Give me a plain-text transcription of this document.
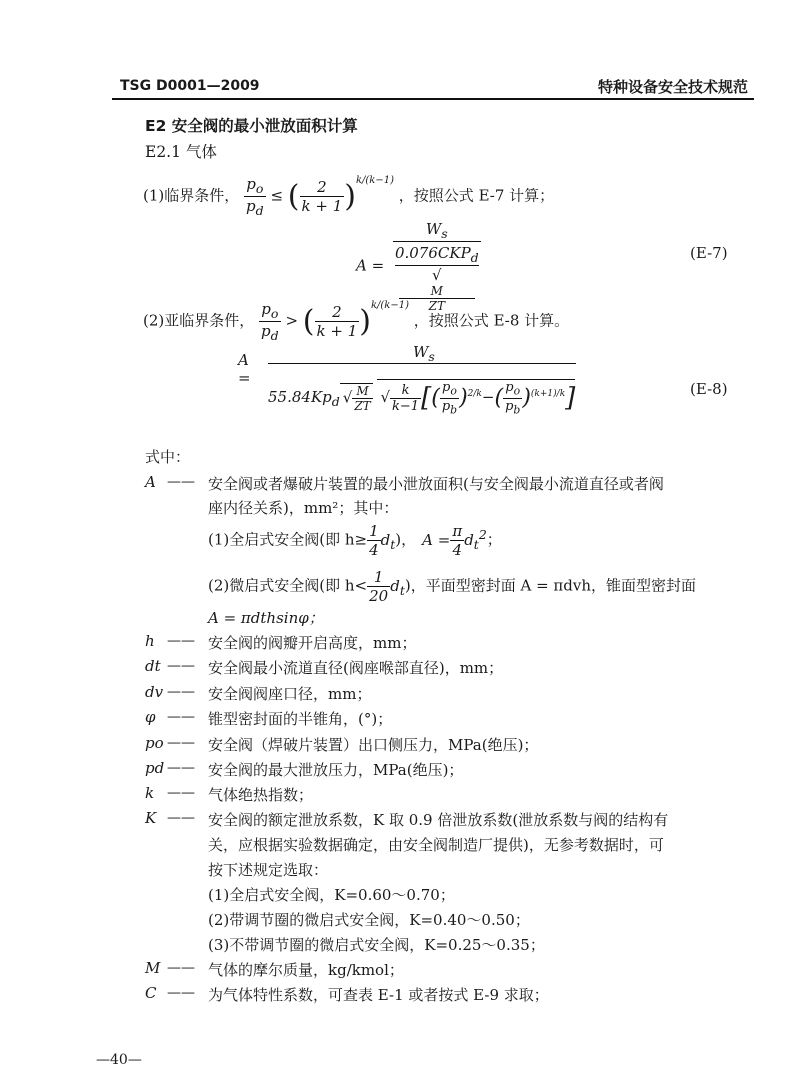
TSG D0001—2009	特种设备安全技术规范
E2 安全阀的最小泄放面积计算
E2.1 气体
(1)临界条件， $\frac{p_o}{p_d}$ ≤ ( $\frac{2}{k + 1} )^{k/(k-1)}$ ，按照公式 E-7 计算；
$A = W_s$
$0.076CKP_d$
√
M
ZT	(E-7)
(2)亚临界条件， $\frac{p_o}{p_d}$ > ( $\frac{2}{k + 1} )^{k/(k-1)}$ ，按照公式 E-8 计算。
A =
$W_s$
$55.84Kp_d$ √ $\frac{M}{ZT}$ √ $\frac{k}{k-1}$ [( $\frac{p_o}{p_b} )^{2/k}-( \frac{p_o}{p_b} )^{(k+1)/k}$]	(E-8)
式中：
A —— 安全阀或者爆破片装置的最小泄放面积(与安全阀最小流道直径或者阀
座内径关系)，mm²；其中：
(1)全启式安全阀(即 $h\ge \frac{1}{4} d_t$)， $A = \frac{\pi}{4} d_t^2$；
(2)微启式安全阀(即 $h< \frac{1}{20} d_t$)，平面型密封面 A = πdvh，锥面型密封面
A = πdthsinφ；
h —— 安全阀的阀瓣开启高度，mm；
dt —— 安全阀最小流道直径(阀座喉部直径)，mm；
dv —— 安全阀阀座口径，mm；
φ —— 锥型密封面的半锥角，(°)；
po —— 安全阀（焊破片装置）出口侧压力，MPa(绝压)；
pd —— 安全阀的最大泄放压力，MPa(绝压)；
k —— 气体绝热指数；
K —— 安全阀的额定泄放系数，K 取 0.9 倍泄放系数(泄放系数与阀的结构有
关，应根据实验数据确定，由安全阀制造厂提供)，无参考数据时，可
按下述规定选取：
(1)全启式安全阀，K=0.60～0.70；
(2)带调节圈的微启式安全阀，K=0.40～0.50；
(3)不带调节圈的微启式安全阀，K=0.25～0.35；
M —— 气体的摩尔质量，kg/kmol；
C —— 为气体特性系数，可查表 E-1 或者按式 E-9 求取；
—40—
